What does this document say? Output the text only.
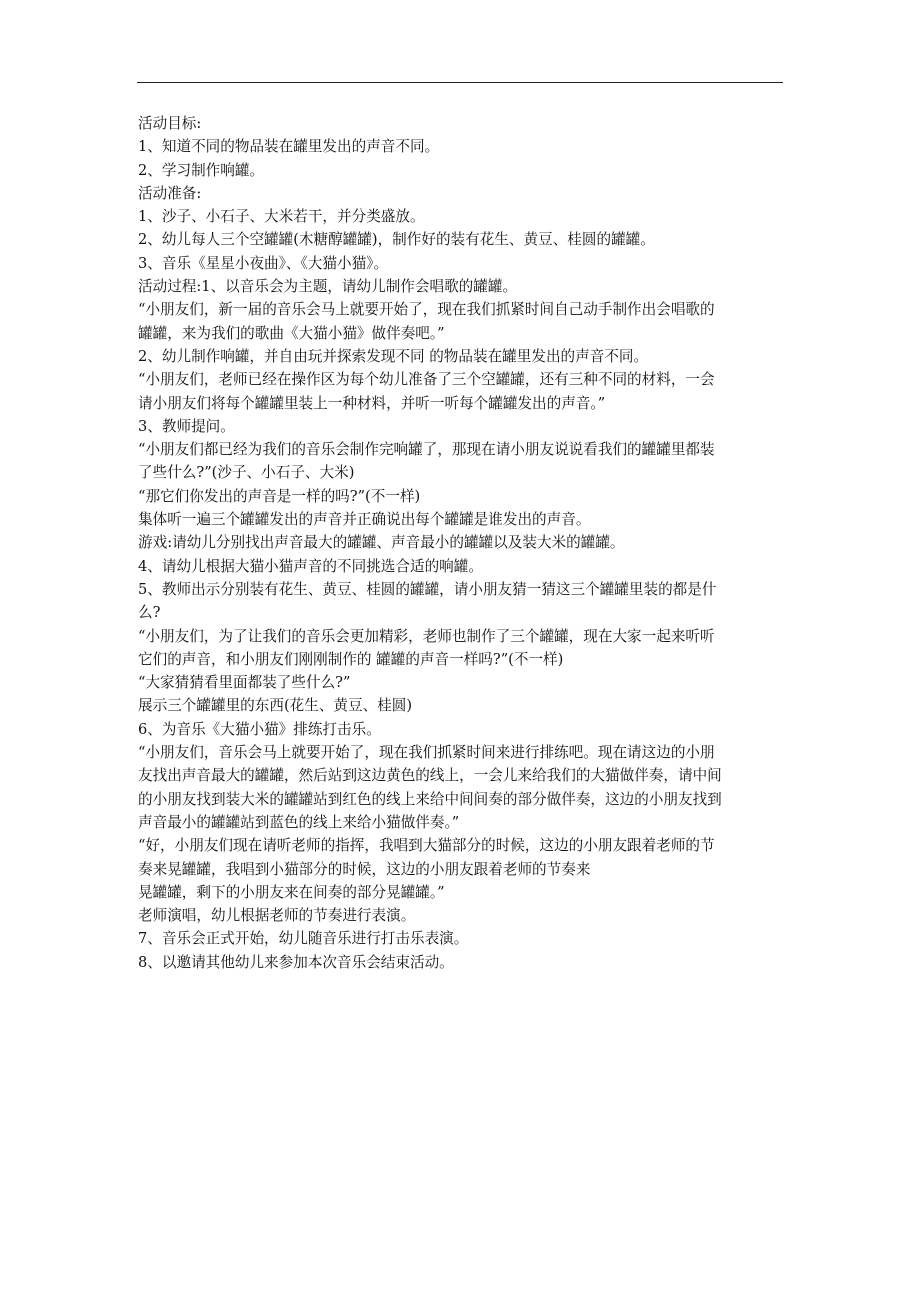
活动目标:
1、知道不同的物品装在罐里发出的声音不同。
2、学习制作响罐。
活动准备:
1、沙子、小石子、大米若干，并分类盛放。
2、幼儿每人三个空罐罐(木糖醇罐罐)，制作好的装有花生、黄豆、桂圆的罐罐。
3、音乐《星星小夜曲》、《大猫小猫》。
活动过程:1、以音乐会为主题，请幼儿制作会唱歌的罐罐。
“小朋友们，新一届的音乐会马上就要开始了，现在我们抓紧时间自己动手制作出会唱歌的
罐罐，来为我们的歌曲《大猫小猫》做伴奏吧。”
2、幼儿制作响罐，并自由玩并探索发现不同 的物品装在罐里发出的声音不同。
“小朋友们，老师已经在操作区为每个幼儿准备了三个空罐罐，还有三种不同的材料，一会
请小朋友们将每个罐罐里装上一种材料，并听一听每个罐罐发出的声音。”
3、教师提问。
“小朋友们都已经为我们的音乐会制作完响罐了，那现在请小朋友说说看我们的罐罐里都装
了些什么?”(沙子、小石子、大米)
“那它们你发出的声音是一样的吗?”(不一样)
集体听一遍三个罐罐发出的声音并正确说出每个罐罐是谁发出的声音。
游戏:请幼儿分别找出声音最大的罐罐、声音最小的罐罐以及装大米的罐罐。
4、请幼儿根据大猫小猫声音的不同挑选合适的响罐。
5、教师出示分别装有花生、黄豆、桂圆的罐罐，请小朋友猜一猜这三个罐罐里装的都是什
么?
“小朋友们，为了让我们的音乐会更加精彩，老师也制作了三个罐罐，现在大家一起来听听
它们的声音，和小朋友们刚刚制作的 罐罐的声音一样吗?”(不一样)
“大家猜猜看里面都装了些什么?”
展示三个罐罐里的东西(花生、黄豆、桂圆)
6、为音乐《大猫小猫》排练打击乐。
“小朋友们，音乐会马上就要开始了，现在我们抓紧时间来进行排练吧。现在请这边的小朋
友找出声音最大的罐罐，然后站到这边黄色的线上，一会儿来给我们的大猫做伴奏，请中间
的小朋友找到装大米的罐罐站到红色的线上来给中间间奏的部分做伴奏，这边的小朋友找到
声音最小的罐罐站到蓝色的线上来给小猫做伴奏。”
“好，小朋友们现在请听老师的指挥，我唱到大猫部分的时候，这边的小朋友跟着老师的节
奏来晃罐罐，我唱到小猫部分的时候，这边的小朋友跟着老师的节奏来
晃罐罐，剩下的小朋友来在间奏的部分晃罐罐。”
老师演唱，幼儿根据老师的节奏进行表演。
7、音乐会正式开始，幼儿随音乐进行打击乐表演。
8、以邀请其他幼儿来参加本次音乐会结束活动。
